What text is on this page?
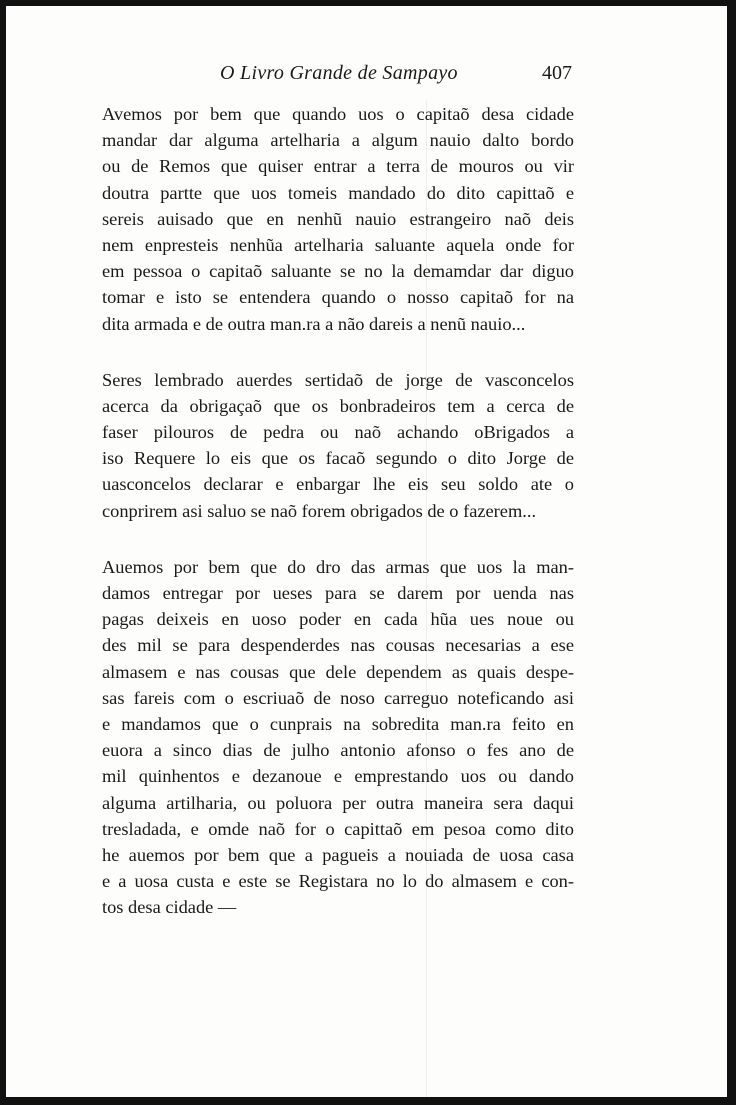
O Livro Grande de Sampayo	407
Avemos por bem que quando uos o capitaõ desa cidade
mandar dar alguma artelharia a algum nauio dalto bordo
ou de Remos que quiser entrar a terra de mouros ou vir
doutra partte que uos tomeis mandado do dito capittaõ e
sereis auisado que en nenhũ nauio estrangeiro naõ deis
nem enpresteis nenhũa artelharia saluante aquela onde for
em pessoa o capitaõ saluante se no la demamdar dar diguo
tomar e isto se entendera quando o nosso capitaõ for na
dita armada e de outra man.ra a não dareis a nenũ nauio...
Seres lembrado auerdes sertidaõ de jorge de vasconcelos
acerca da obrigaçaõ que os bonbradeiros tem a cerca de
faser pilouros de pedra ou naõ achando oBrigados a
iso Requere lo eis que os facaõ segundo o dito Jorge de
uasconcelos declarar e enbargar lhe eis seu soldo ate o
conprirem asi saluo se naõ forem obrigados de o fazerem...
Auemos por bem que do dro das armas que uos la man-
damos entregar por ueses para se darem por uenda nas
pagas deixeis en uoso poder en cada hũa ues noue ou
des mil se para despenderdes nas cousas necesarias a ese
almasem e nas cousas que dele dependem as quais despe-
sas fareis com o escriuaõ de noso carreguo noteficando asi
e mandamos que o cunprais na sobredita man.ra feito en
euora a sinco dias de julho antonio afonso o fes ano de
mil quinhentos e dezanoue e emprestando uos ou dando
alguma artilharia, ou poluora per outra maneira sera daqui
tresladada, e omde naõ for o capittaõ em pesoa como dito
he auemos por bem que a pagueis a nouiada de uosa casa
e a uosa custa e este se Registara no lo do almasem e con-
tos desa cidade —
